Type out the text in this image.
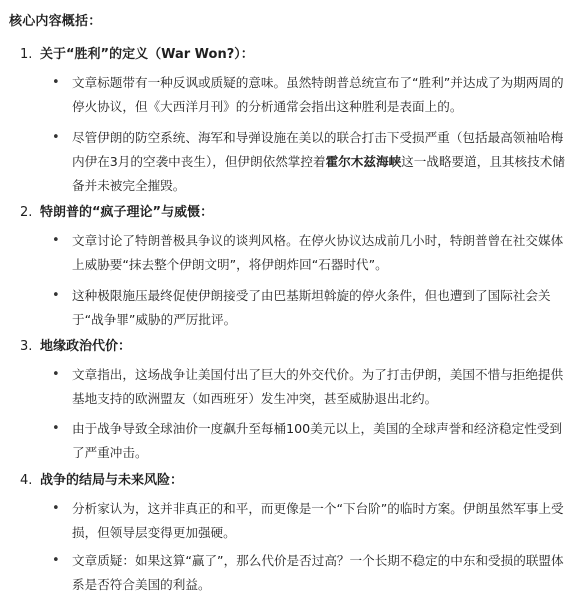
核心内容概括：
1. 关于“胜利”的定义（War Won?）：
• 文章标题带有一种反讽或质疑的意味。虽然特朗普总统宣布了“胜利”并达成了为期两周的停火协议，但《大西洋月刊》的分析通常会指出这种胜利是表面上的。
• 尽管伊朗的防空系统、海军和导弹设施在美以的联合打击下受损严重（包括最高领袖哈梅内伊在3月的空袭中丧生），但伊朗依然掌控着霍尔木兹海峡这一战略要道，且其核技术储备并未被完全摧毁。
2. 特朗普的“疯子理论”与威慑：
• 文章讨论了特朗普极具争议的谈判风格。在停火协议达成前几小时，特朗普曾在社交媒体上威胁要“抹去整个伊朗文明”，将伊朗炸回“石器时代”。
• 这种极限施压最终促使伊朗接受了由巴基斯坦斡旋的停火条件，但也遭到了国际社会关于“战争罪”威胁的严厉批评。
3. 地缘政治代价：
• 文章指出，这场战争让美国付出了巨大的外交代价。为了打击伊朗，美国不惜与拒绝提供基地支持的欧洲盟友（如西班牙）发生冲突，甚至威胁退出北约。
• 由于战争导致全球油价一度飙升至每桶100美元以上，美国的全球声誉和经济稳定性受到了严重冲击。
4. 战争的结局与未来风险：
• 分析家认为，这并非真正的和平，而更像是一个“下台阶”的临时方案。伊朗虽然军事上受损，但领导层变得更加强硬。
• 文章质疑：如果这算“赢了”，那么代价是否过高？一个长期不稳定的中东和受损的联盟体系是否符合美国的利益。
